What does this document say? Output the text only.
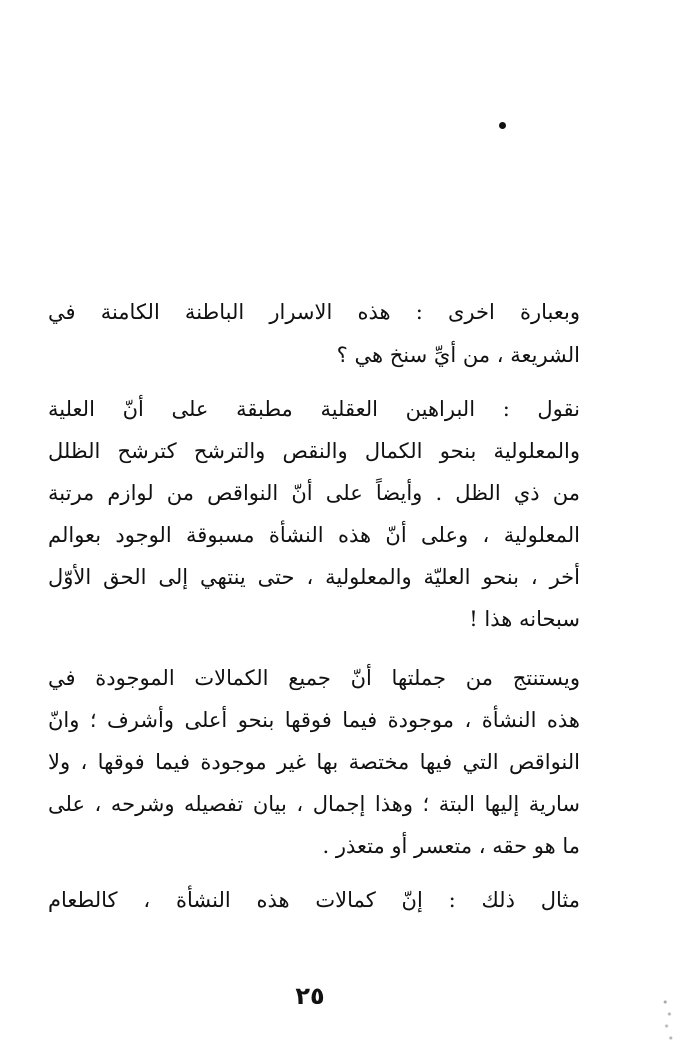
وبعبارة اخرى : هذه الاسرار الباطنة الكامنة في
الشريعة ، من أيِّ سنخ هي ؟
نقول : البراهين العقلية مطبقة على أنّ العلية
والمعلولية بنحو الكمال والنقص والترشح كترشح الظلل
من ذي الظل . وأيضاً على أنّ النواقص من لوازم مرتبة
المعلولية ، وعلى أنّ هذه النشأة مسبوقة الوجود بعوالم
أخر ، بنحو العليّة والمعلولية ، حتى ينتهي إلى الحق الأوّل
سبحانه هذا !
ويستنتج من جملتها أنّ جميع الكمالات الموجودة في
هذه النشأة ، موجودة فيما فوقها بنحو أعلى وأشرف ؛ وانّ
النواقص التي فيها مختصة بها غير موجودة فيما فوقها ، ولا
سارية إليها البتة ؛ وهذا إجمال ، بيان تفصيله وشرحه ، على
ما هو حقه ، متعسر أو متعذر .
مثال ذلك : إنّ كمالات هذه النشأة ، كالطعام
٢٥
